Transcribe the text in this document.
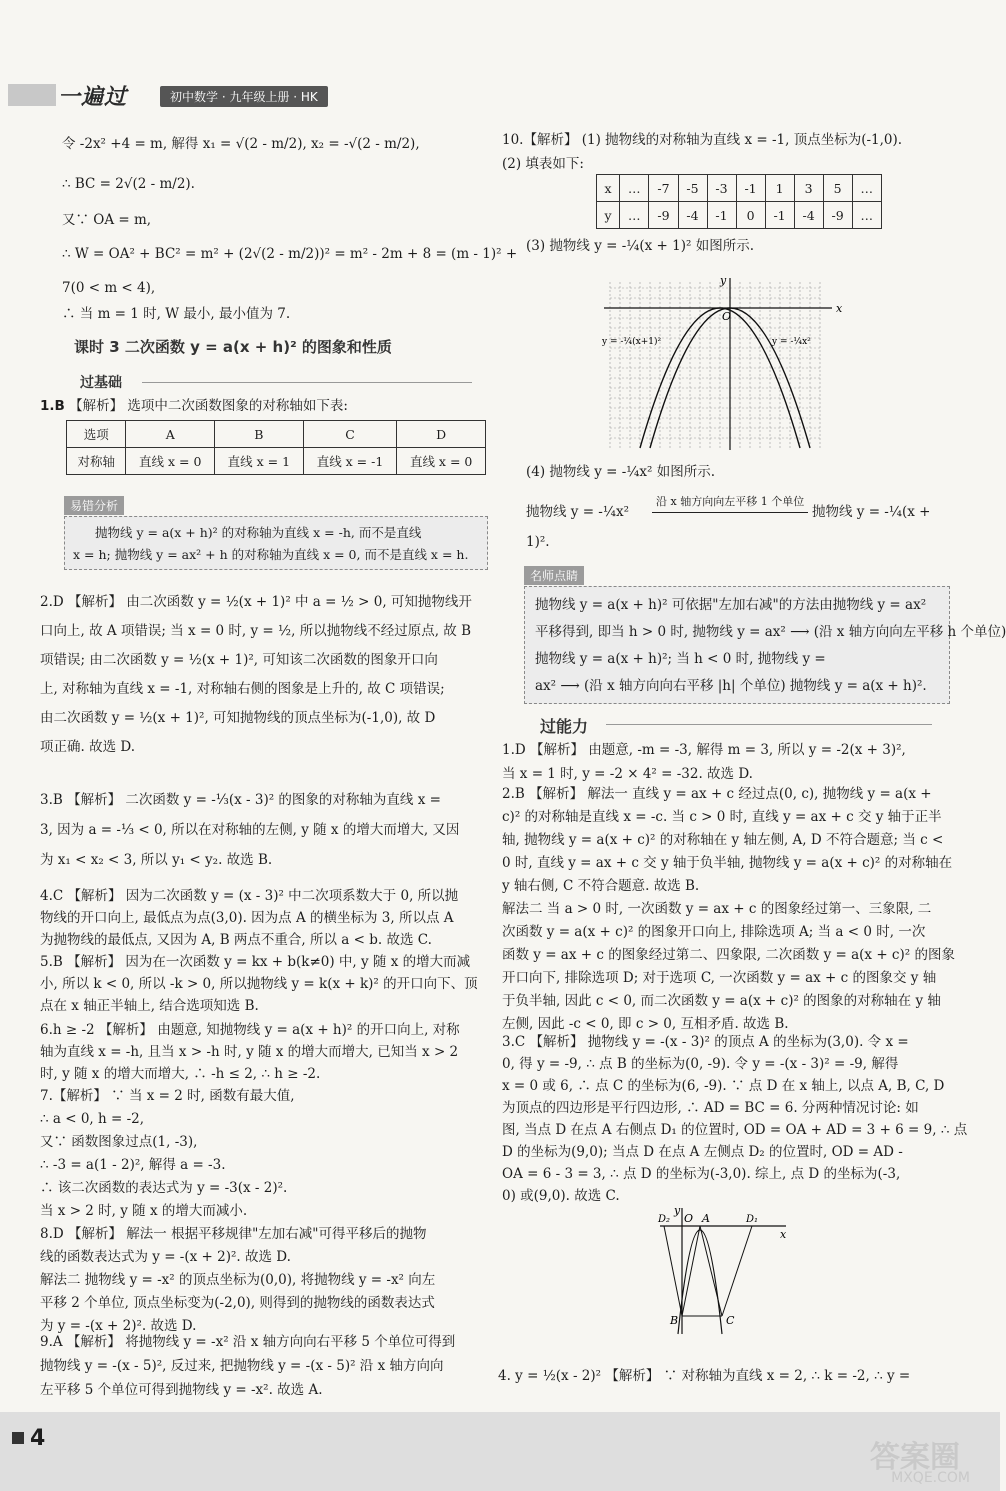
一遍过	初中数学 · 九年级上册 · HK
令 -2x² +4 = m, 解得 x₁ = √(2 - m/2), x₂ = -√(2 - m/2),
∴ BC = 2√(2 - m/2).
又∵ OA = m,
∴ W = OA² + BC² = m² + (2√(2 - m/2))² = m² - 2m + 8 = (m - 1)² +
7(0 < m < 4),
∴ 当 m = 1 时, W 最小, 最小值为 7.
课时 3 二次函数 y = a(x + h)² 的图象和性质
过基础
1.B 【解析】 选项中二次函数图象的对称轴如下表:
选项	A	B	C	D
对称轴	直线 x = 0	直线 x = 1	直线 x = -1	直线 x = 0
易错分析
抛物线 y = a(x + h)² 的对称轴为直线 x = -h, 而不是直线
x = h; 抛物线 y = ax² + h 的对称轴为直线 x = 0, 而不是直线 x = h.
2.D 【解析】 由二次函数 y = ½(x + 1)² 中 a = ½ > 0, 可知抛物线开
口向上, 故 A 项错误; 当 x = 0 时, y = ½, 所以抛物线不经过原点, 故 B
项错误; 由二次函数 y = ½(x + 1)², 可知该二次函数的图象开口向
上, 对称轴为直线 x = -1, 对称轴右侧的图象是上升的, 故 C 项错误;
由二次函数 y = ½(x + 1)², 可知抛物线的顶点坐标为(-1,0), 故 D
项正确. 故选 D.
3.B 【解析】 二次函数 y = -⅓(x - 3)² 的图象的对称轴为直线 x =
3, 因为 a = -⅓ < 0, 所以在对称轴的左侧, y 随 x 的增大而增大, 又因
为 x₁ < x₂ < 3, 所以 y₁ < y₂. 故选 B.
4.C 【解析】 因为二次函数 y = (x - 3)² 中二次项系数大于 0, 所以抛
物线的开口向上, 最低点为点(3,0). 因为点 A 的横坐标为 3, 所以点 A
为抛物线的最低点, 又因为 A, B 两点不重合, 所以 a < b. 故选 C.
5.B 【解析】 因为在一次函数 y = kx + b(k≠0) 中, y 随 x 的增大而减
小, 所以 k < 0, 所以 -k > 0, 所以抛物线 y = k(x + k)² 的开口向下、顶
点在 x 轴正半轴上, 结合选项知选 B.
6.h ≥ -2 【解析】 由题意, 知抛物线 y = a(x + h)² 的开口向上, 对称
轴为直线 x = -h, 且当 x > -h 时, y 随 x 的增大而增大, 已知当 x > 2
时, y 随 x 的增大而增大, ∴ -h ≤ 2, ∴ h ≥ -2.
7.【解析】 ∵ 当 x = 2 时, 函数有最大值,
∴ a < 0, h = -2,
又∵ 函数图象过点(1, -3),
∴ -3 = a(1 - 2)², 解得 a = -3.
∴ 该二次函数的表达式为 y = -3(x - 2)².
当 x > 2 时, y 随 x 的增大而减小.
8.D 【解析】 解法一 根据平移规律"左加右减"可得平移后的抛物
线的函数表达式为 y = -(x + 2)². 故选 D.
解法二 抛物线 y = -x² 的顶点坐标为(0,0), 将抛物线 y = -x² 向左
平移 2 个单位, 顶点坐标变为(-2,0), 则得到的抛物线的函数表达式
为 y = -(x + 2)². 故选 D.
9.A 【解析】 将抛物线 y = -x² 沿 x 轴方向向右平移 5 个单位可得到
抛物线 y = -(x - 5)², 反过来, 把抛物线 y = -(x - 5)² 沿 x 轴方向向
左平移 5 个单位可得到抛物线 y = -x². 故选 A.
10.【解析】 (1) 抛物线的对称轴为直线 x = -1, 顶点坐标为(-1,0).
(2) 填表如下:
x	…	-7	-5	-3	-1	1	3	5	…
y	…	-9	-4	-1	0	-1	-4	-9	…
(3) 抛物线 y = -¼(x + 1)² 如图所示.
x
y
O
y = -¼(x+1)²	y = -¼x²
(4) 抛物线 y = -¼x² 如图所示.
抛物线 y = -¼x²
沿 x 轴方向向左平移 1 个单位
抛物线 y = -¼(x +
1)².
名师点睛
抛物线 y = a(x + h)² 可依据"左加右减"的方法由抛物线 y = ax²
平移得到, 即当 h > 0 时, 抛物线 y = ax² ⟶ (沿 x 轴方向向左平移 h 个单位)
抛物线 y = a(x + h)²; 当 h < 0 时, 抛物线 y =
ax² ⟶ (沿 x 轴方向向右平移 |h| 个单位) 抛物线 y = a(x + h)².
过能力
1.D 【解析】 由题意, -m = -3, 解得 m = 3, 所以 y = -2(x + 3)²,
当 x = 1 时, y = -2 × 4² = -32. 故选 D.
2.B 【解析】 解法一 直线 y = ax + c 经过点(0, c), 抛物线 y = a(x +
c)² 的对称轴是直线 x = -c. 当 c > 0 时, 直线 y = ax + c 交 y 轴于正半
轴, 抛物线 y = a(x + c)² 的对称轴在 y 轴左侧, A, D 不符合题意; 当 c <
0 时, 直线 y = ax + c 交 y 轴于负半轴, 抛物线 y = a(x + c)² 的对称轴在
y 轴右侧, C 不符合题意. 故选 B.
解法二 当 a > 0 时, 一次函数 y = ax + c 的图象经过第一、三象限, 二
次函数 y = a(x + c)² 的图象开口向上, 排除选项 A; 当 a < 0 时, 一次
函数 y = ax + c 的图象经过第二、四象限, 二次函数 y = a(x + c)² 的图象
开口向下, 排除选项 D; 对于选项 C, 一次函数 y = ax + c 的图象交 y 轴
于负半轴, 因此 c < 0, 而二次函数 y = a(x + c)² 的图象的对称轴在 y 轴
左侧, 因此 -c < 0, 即 c > 0, 互相矛盾. 故选 B.
3.C 【解析】 抛物线 y = -(x - 3)² 的顶点 A 的坐标为(3,0). 令 x =
0, 得 y = -9, ∴ 点 B 的坐标为(0, -9). 令 y = -(x - 3)² = -9, 解得
x = 0 或 6, ∴ 点 C 的坐标为(6, -9). ∵ 点 D 在 x 轴上, 以点 A, B, C, D
为顶点的四边形是平行四边形, ∴ AD = BC = 6. 分两种情况讨论: 如
图, 当点 D 在点 A 右侧点 D₁ 的位置时, OD = OA + AD = 3 + 6 = 9, ∴ 点
D 的坐标为(9,0); 当点 D 在点 A 左侧点 D₂ 的位置时, OD = AD -
OA = 6 - 3 = 3, ∴ 点 D 的坐标为(-3,0). 综上, 点 D 的坐标为(-3,
0) 或(9,0). 故选 C.
y
x
O A	D₁
D₂
B	C
4. y = ½(x - 2)² 【解析】 ∵ 对称轴为直线 x = 2, ∴ k = -2, ∴ y =
4
答案圈
MXQE.COM
